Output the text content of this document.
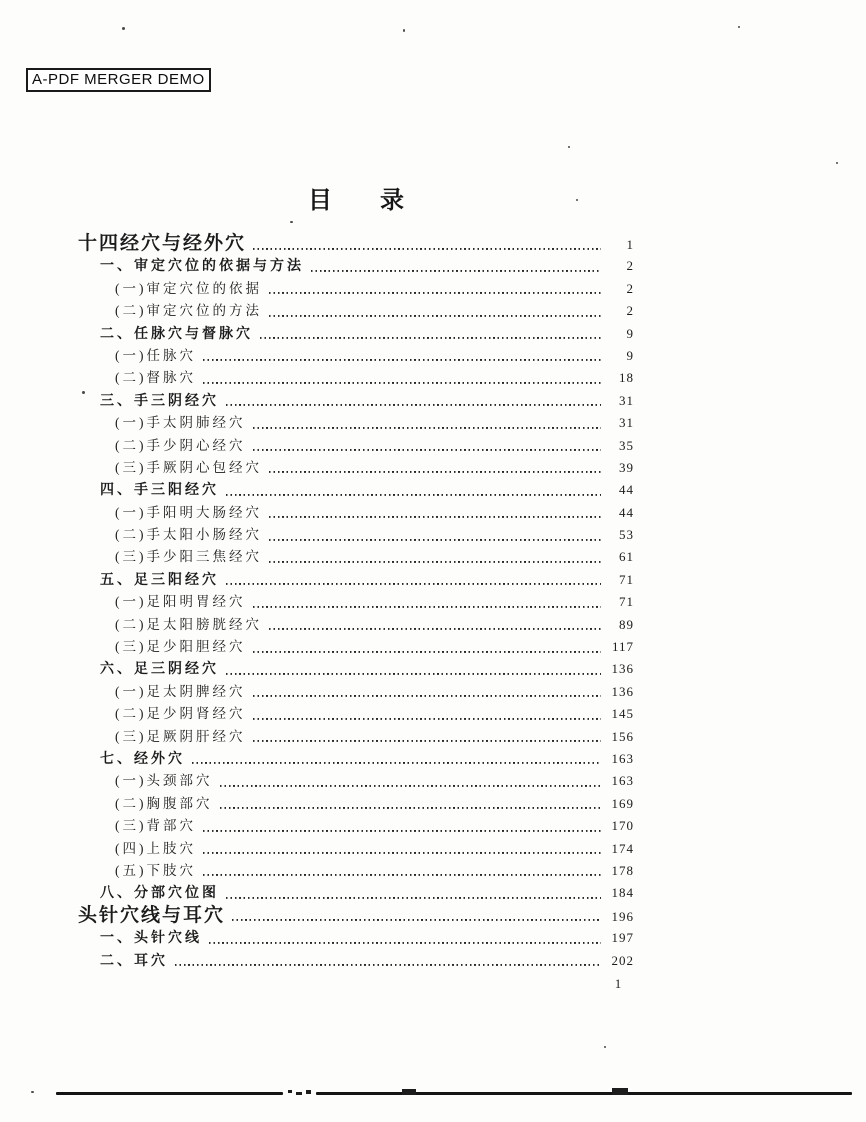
A-PDF MERGER DEMO
目　录
十四经穴与经外穴	1
一、审定穴位的依据与方法	2
(一)审定穴位的依据	2
(二)审定穴位的方法	2
二、任脉穴与督脉穴	9
(一)任脉穴	9
(二)督脉穴	18
三、手三阴经穴	31
(一)手太阴肺经穴	31
(二)手少阴心经穴	35
(三)手厥阴心包经穴	39
四、手三阳经穴	44
(一)手阳明大肠经穴	44
(二)手太阳小肠经穴	53
(三)手少阳三焦经穴	61
五、足三阳经穴	71
(一)足阳明胃经穴	71
(二)足太阳膀胱经穴	89
(三)足少阳胆经穴	117
六、足三阴经穴	136
(一)足太阴脾经穴	136
(二)足少阴肾经穴	145
(三)足厥阴肝经穴	156
七、经外穴	163
(一)头颈部穴	163
(二)胸腹部穴	169
(三)背部穴	170
(四)上肢穴	174
(五)下肢穴	178
八、分部穴位图	184
头针穴线与耳穴	196
一、头针穴线	197
二、耳穴	202
1
